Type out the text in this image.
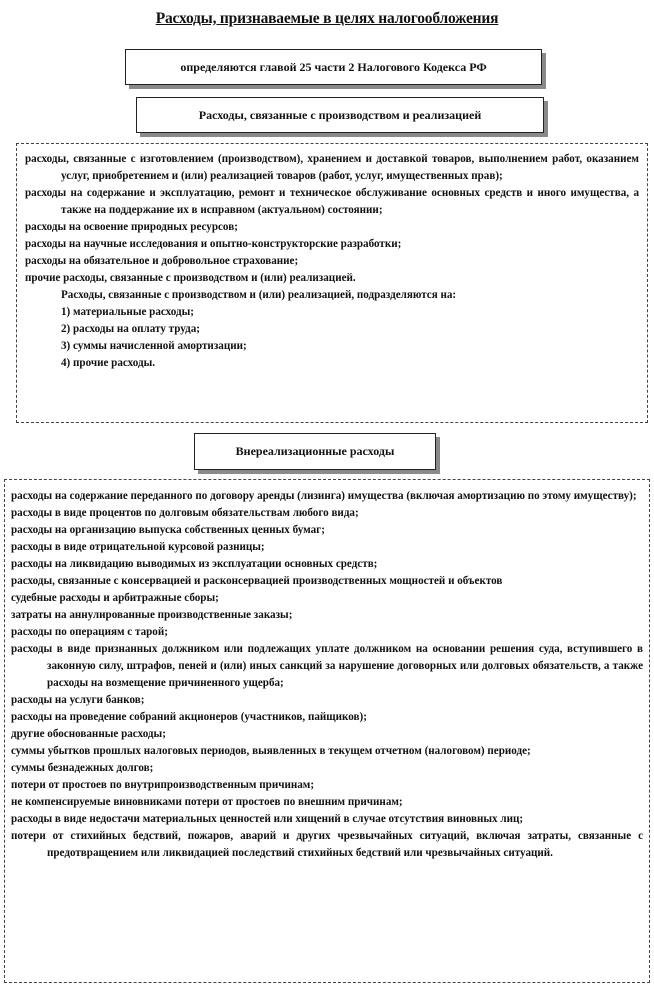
Расходы, признаваемые в целях налогообложения
определяются главой 25 части 2 Налогового Кодекса РФ
Расходы, связанные с производством и реализацией
расходы, связанные с изготовлением (производством), хранением и доставкой товаров, выполнением работ, оказанием услуг, приобретением и (или) реализацией товаров (работ, услуг, имущественных прав);
расходы на содержание и эксплуатацию, ремонт и техническое обслуживание основных средств и иного имущества, а также на поддержание их в исправном (актуальном) состоянии;
расходы на освоение природных ресурсов;
расходы на научные исследования и опытно-конструкторские разработки;
расходы на обязательное и добровольное страхование;
прочие расходы, связанные с производством и (или) реализацией.
Расходы, связанные с производством и (или) реализацией, подразделяются на:
1) материальные расходы;
2) расходы на оплату труда;
3) суммы начисленной амортизации;
4) прочие расходы.
Внереализационные расходы
расходы на содержание переданного по договору аренды (лизинга) имущества (включая амортизацию по этому имуществу);
расходы в виде процентов по долговым обязательствам любого вида;
расходы на организацию выпуска собственных ценных бумаг;
расходы в виде отрицательной курсовой разницы;
расходы на ликвидацию выводимых из эксплуатации основных средств;
расходы, связанные с консервацией и расконсервацией производственных мощностей и объектов
судебные расходы и арбитражные сборы;
затраты на аннулированные производственные заказы;
расходы по операциям с тарой;
расходы в виде признанных должником или подлежащих уплате должником на основании решения суда, вступившего в законную силу, штрафов, пеней и (или) иных санкций за нарушение договорных или долговых обязательств, а также расходы на возмещение причиненного ущерба;
расходы на услуги банков;
расходы на проведение собраний акционеров (участников, пайщиков);
другие обоснованные расходы;
суммы убытков прошлых налоговых периодов, выявленных в текущем отчетном (налоговом) периоде;
суммы безнадежных долгов;
потери от простоев по внутрипроизводственным причинам;
не компенсируемые виновниками потери от простоев по внешним причинам;
расходы в виде недостачи материальных ценностей или хищений в случае отсутствия виновных лиц;
потери от стихийных бедствий, пожаров, аварий и других чрезвычайных ситуаций, включая затраты, связанные с предотвращением или ликвидацией последствий стихийных бедствий или чрезвычайных ситуаций.
